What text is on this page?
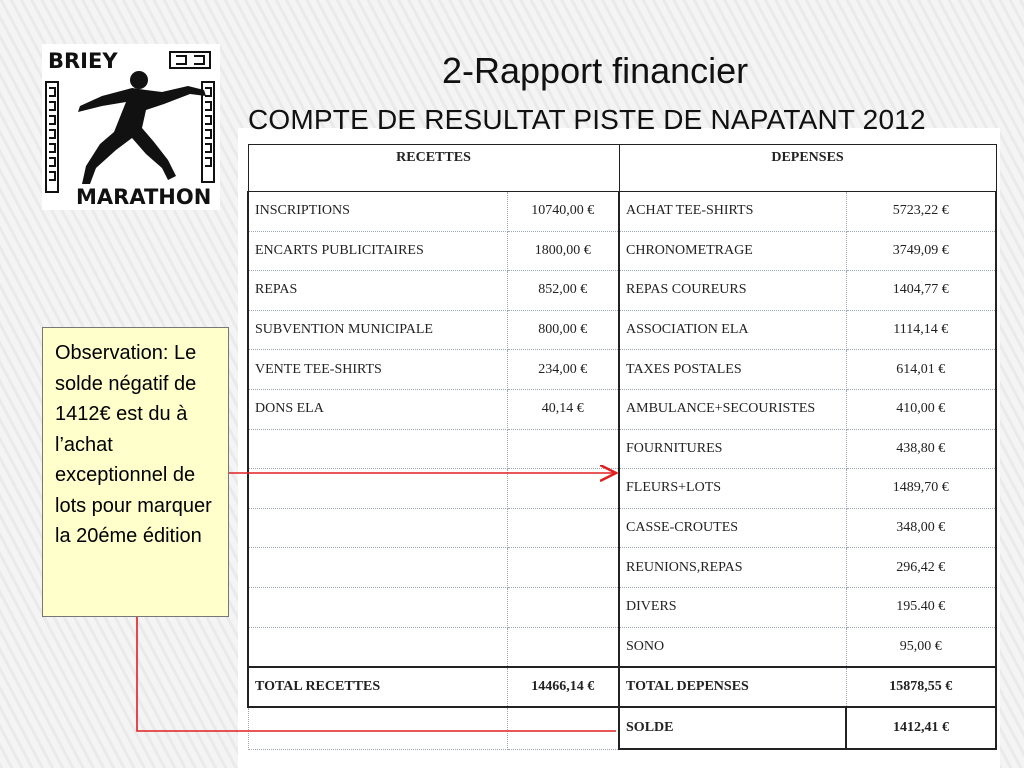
BRIEY
MARATHON
2-Rapport financier
COMPTE DE RESULTAT PISTE DE NAPATANT 2012
RECETTES		DEPENSES	
INSCRIPTIONS	10740,00 €	ACHAT TEE-SHIRTS	5723,22 €
ENCARTS PUBLICITAIRES	1800,00 €	CHRONOMETRAGE	3749,09 €
REPAS	852,00 €	REPAS COUREURS	1404,77 €
SUBVENTION MUNICIPALE	800,00 €	ASSOCIATION ELA	1114,14 €
VENTE TEE-SHIRTS	234,00 €	TAXES POSTALES	614,01 €
DONS ELA	40,14 €	AMBULANCE+SECOURISTES	410,00 €
		FOURNITURES	438,80 €
		FLEURS+LOTS	1489,70 €
		CASSE-CROUTES	348,00 €
		REUNIONS,REPAS	296,42 €
		DIVERS	195.40 €
		SONO	95,00 €
TOTAL RECETTES	14466,14 €	TOTAL DEPENSES	15878,55 €
		SOLDE	1412,41 €
Observation: Le solde négatif de 1412€ est du à l’achat exceptionnel de lots pour marquer la 20éme édition
